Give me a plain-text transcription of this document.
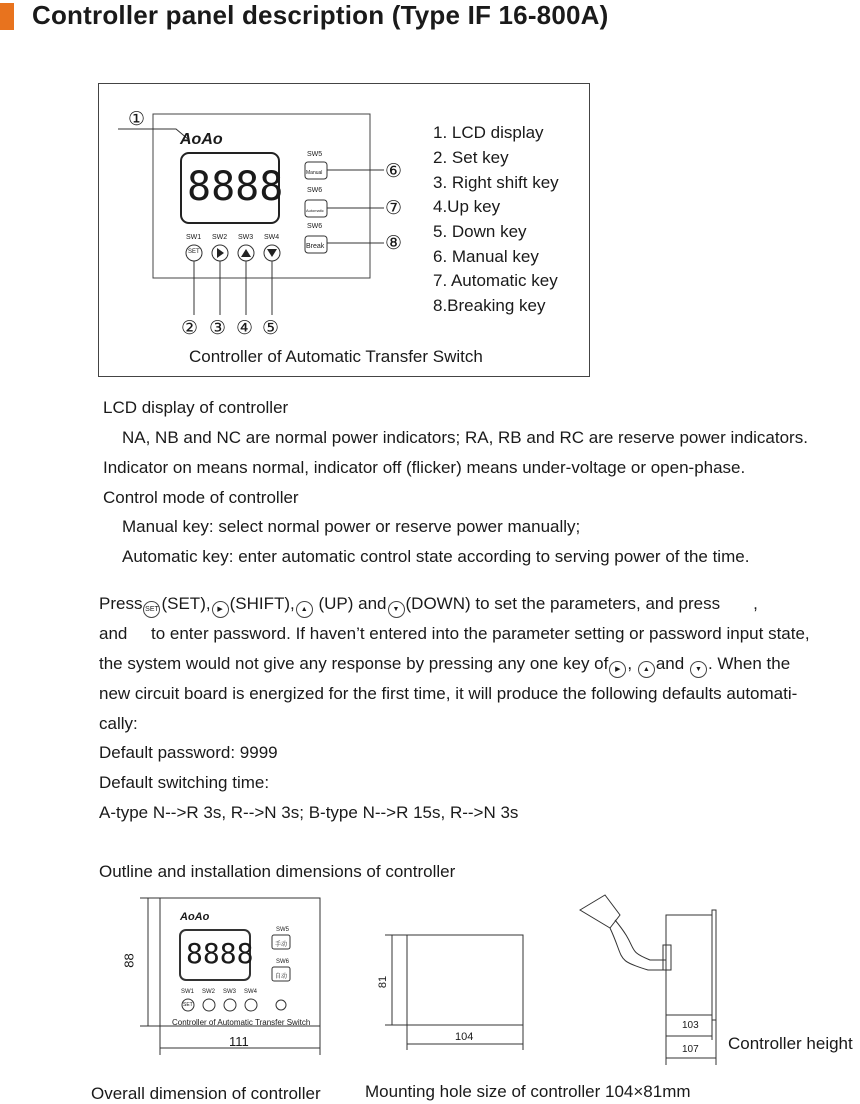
Controller panel description (Type IF 16-800A)
①
AoAo
8888
SW1 SW2 SW3 SW4
SET
SW5
Manual
SW6
Automatic
SW6
Break
⑥
⑦
⑧
② ③ ④ ⑤
Controller of Automatic Transfer Switch
1. LCD display
2. Set key
3. Right shift key
4.Up key
5. Down key
6. Manual key
7. Automatic key
8.Breaking key
LCD display of controller
NA, NB and NC are normal power indicators; RA, RB and RC are reserve power indicators.
Indicator on means normal, indicator off (flicker) means under-voltage or open-phase.
Control mode of controller
Manual key: select normal power or reserve power manually;
Automatic key: enter automatic control state according to serving power of the time.
Press SET (SET), ▶ (SHIFT), ▲ (UP) and ▼ (DOWN) to set the parameters, and press ,
and to enter password. If haven’t entered into the parameter setting or password input state,
the system would not give any response by pressing any one key of ▶ , ▲ and ▼ . When the
new circuit board is energized for the first time, it will produce the following defaults automati-
cally:
Default password: 9999
Default switching time:
A-type N-->R 3s, R-->N 3s; B-type N-->R 15s, R-->N 3s
Outline and installation dimensions of controller
88
111
AoAo
8888
SW5
手动
SW6
自动
SW1 SW2 SW3 SW4
SET
Controller of Automatic Transfer Switch
81
104
103
107 Controller height
Overall dimension of controller	Mounting hole size of controller 104×81mm
